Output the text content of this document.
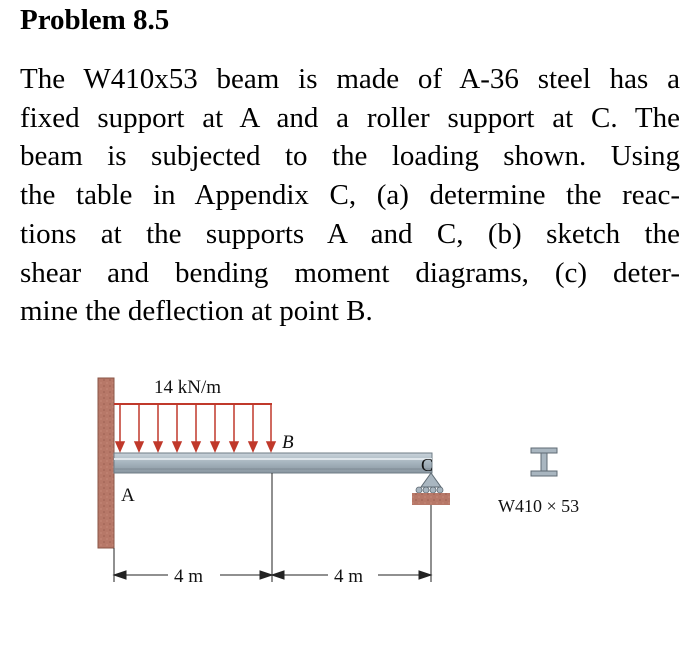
Problem 8.5
The W410x53 beam is made of A-36 steel has a
fixed support at A and a roller support at C. The
beam is subjected to the loading shown. Using
the table in Appendix C, (a) determine the reac-
tions at the supports A and C, (b) sketch the
shear and bending moment diagrams, (c) deter-
mine the deflection at point B.
14 kN/m
B
A
C
4 m	4 m
W410 × 53
